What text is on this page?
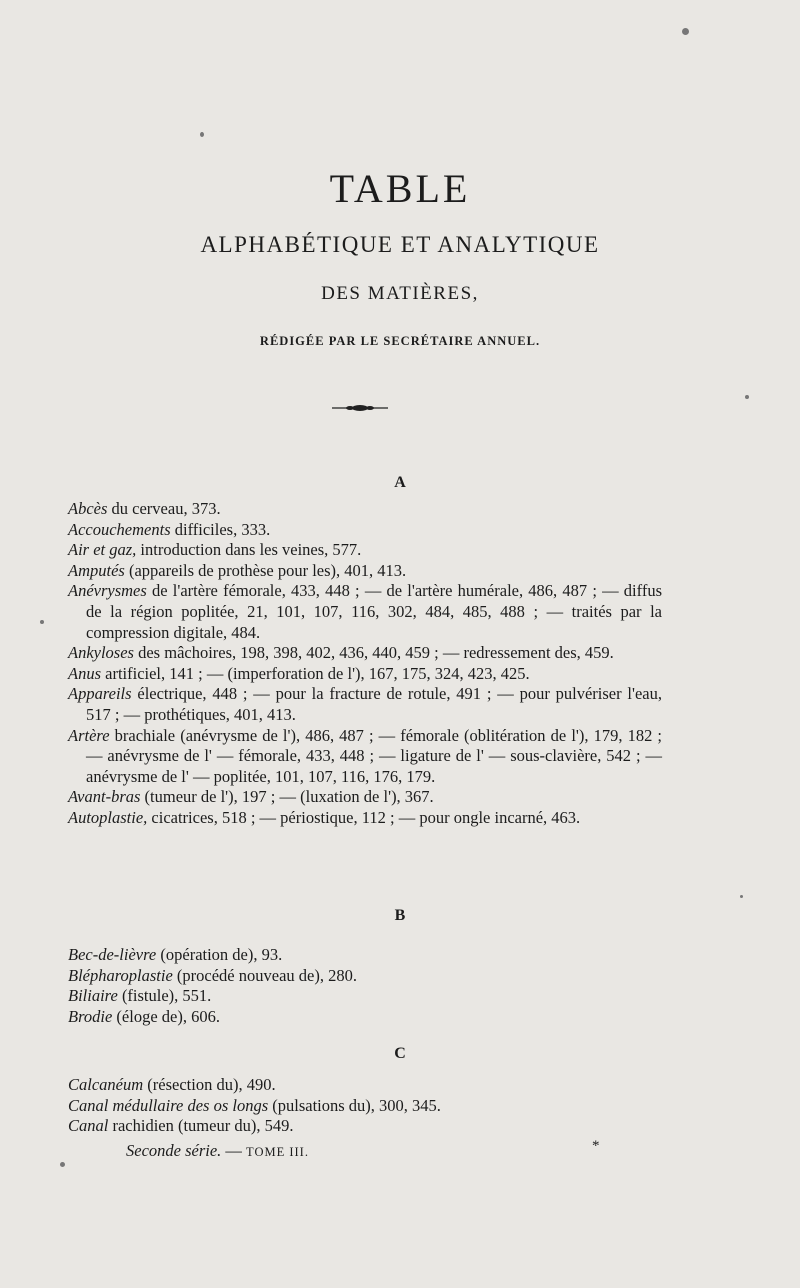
TABLE
ALPHABÉTIQUE ET ANALYTIQUE
DES MATIÈRES,
RÉDIGÉE PAR LE SECRÉTAIRE ANNUEL.
A
Abcès du cerveau, 373.
Accouchements difficiles, 333.
Air et gaz, introduction dans les veines, 577.
Amputés (appareils de prothèse pour les), 401, 413.
Anévrysmes de l'artère fémorale, 433, 448 ; — de l'artère humérale, 486, 487 ; — diffus de la région poplitée, 21, 101, 107, 116, 302, 484, 485, 488 ; — traités par la compression digitale, 484.
Ankyloses des mâchoires, 198, 398, 402, 436, 440, 459 ; — redressement des, 459.
Anus artificiel, 141 ; — (imperforation de l'), 167, 175, 324, 423, 425.
Appareils électrique, 448 ; — pour la fracture de rotule, 491 ; — pour pulvériser l'eau, 517 ; — prothétiques, 401, 413.
Artère brachiale (anévrysme de l'), 486, 487 ; — fémorale (oblitération de l'), 179, 182 ; — anévrysme de l' — fémorale, 433, 448 ; — ligature de l' — sous-clavière, 542 ; — anévrysme de l' — poplitée, 101, 107, 116, 176, 179.
Avant-bras (tumeur de l'), 197 ; — (luxation de l'), 367.
Autoplastie, cicatrices, 518 ; — périostique, 112 ; — pour ongle incarné, 463.
B
Bec-de-lièvre (opération de), 93.
Blépharoplastie (procédé nouveau de), 280.
Biliaire (fistule), 551.
Brodie (éloge de), 606.
C
Calcanéum (résection du), 490.
Canal médullaire des os longs (pulsations du), 300, 345.
Canal rachidien (tumeur du), 549.
Seconde série. — TOME III.	*
